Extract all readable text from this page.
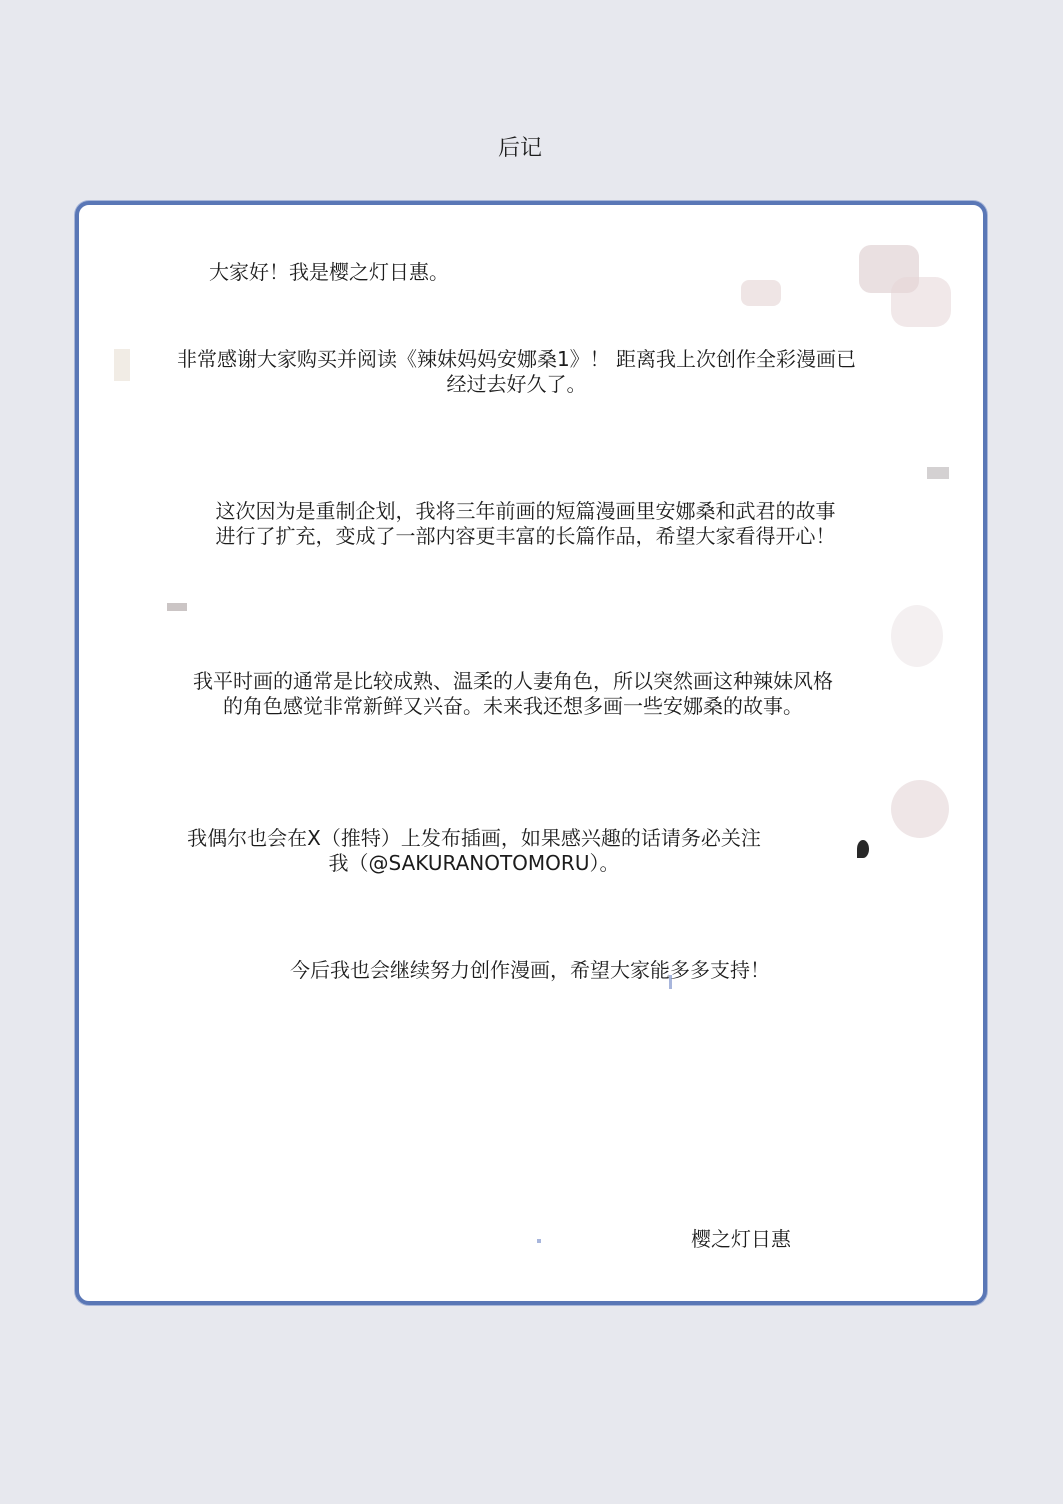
后记
大家好！我是樱之灯日惠。
非常感谢大家购买并阅读《辣妹妈妈安娜桑1》！ 距离我上次创作全彩漫画已
经过去好久了。
这次因为是重制企划，我将三年前画的短篇漫画里安娜桑和武君的故事
进行了扩充，变成了一部内容更丰富的长篇作品，希望大家看得开心！
我平时画的通常是比较成熟、温柔的人妻角色，所以突然画这种辣妹风格
的角色感觉非常新鲜又兴奋。未来我还想多画一些安娜桑的故事。
我偶尔也会在X（推特）上发布插画，如果感兴趣的话请务必关注
我（@SAKURANOTOMORU）。
今后我也会继续努力创作漫画，希望大家能多多支持！
樱之灯日惠
